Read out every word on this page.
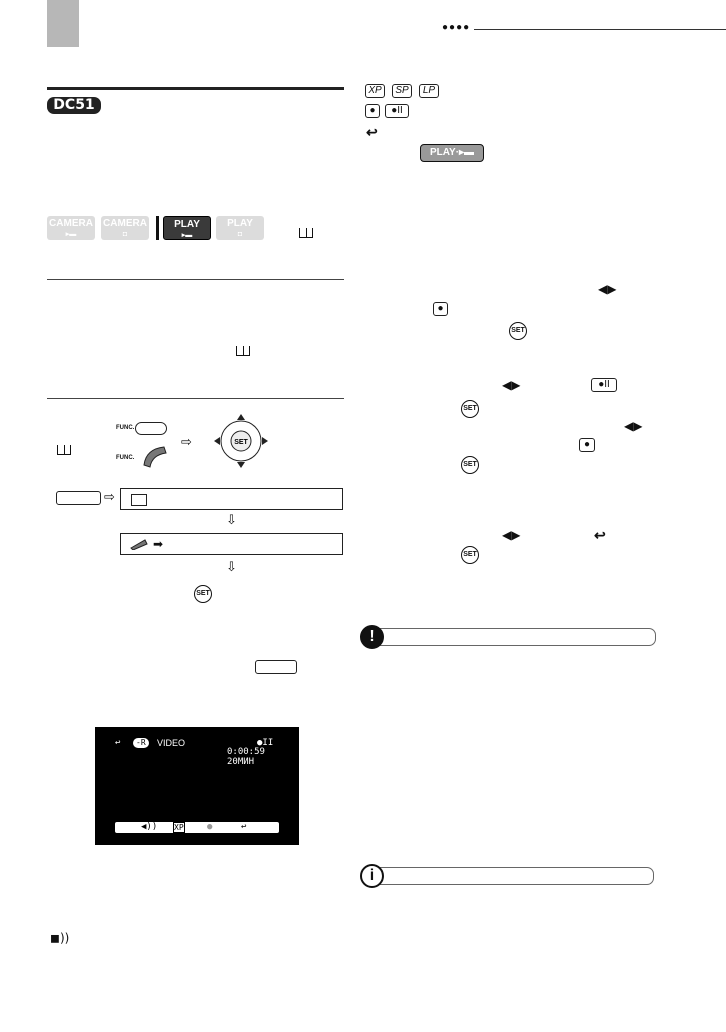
●●●●
DC51
CAMERA
▸▬
CAMERA
◘
PLAY
▸▬
PLAY
◘
FUNC.
FUNC.
⇨	SET
⇨
⇩
➡
⇩
SET
↩	-R	VIDEO	●II
0:00:59
20МИН
◀)) XP	●	↩
◼))
XP	SP	LP
●	●II
↩
PLAY·▸▬
◀▶
●
SET
◀▶	●II
SET
◀▶
●
SET
◀▶	↩
SET
!
i
